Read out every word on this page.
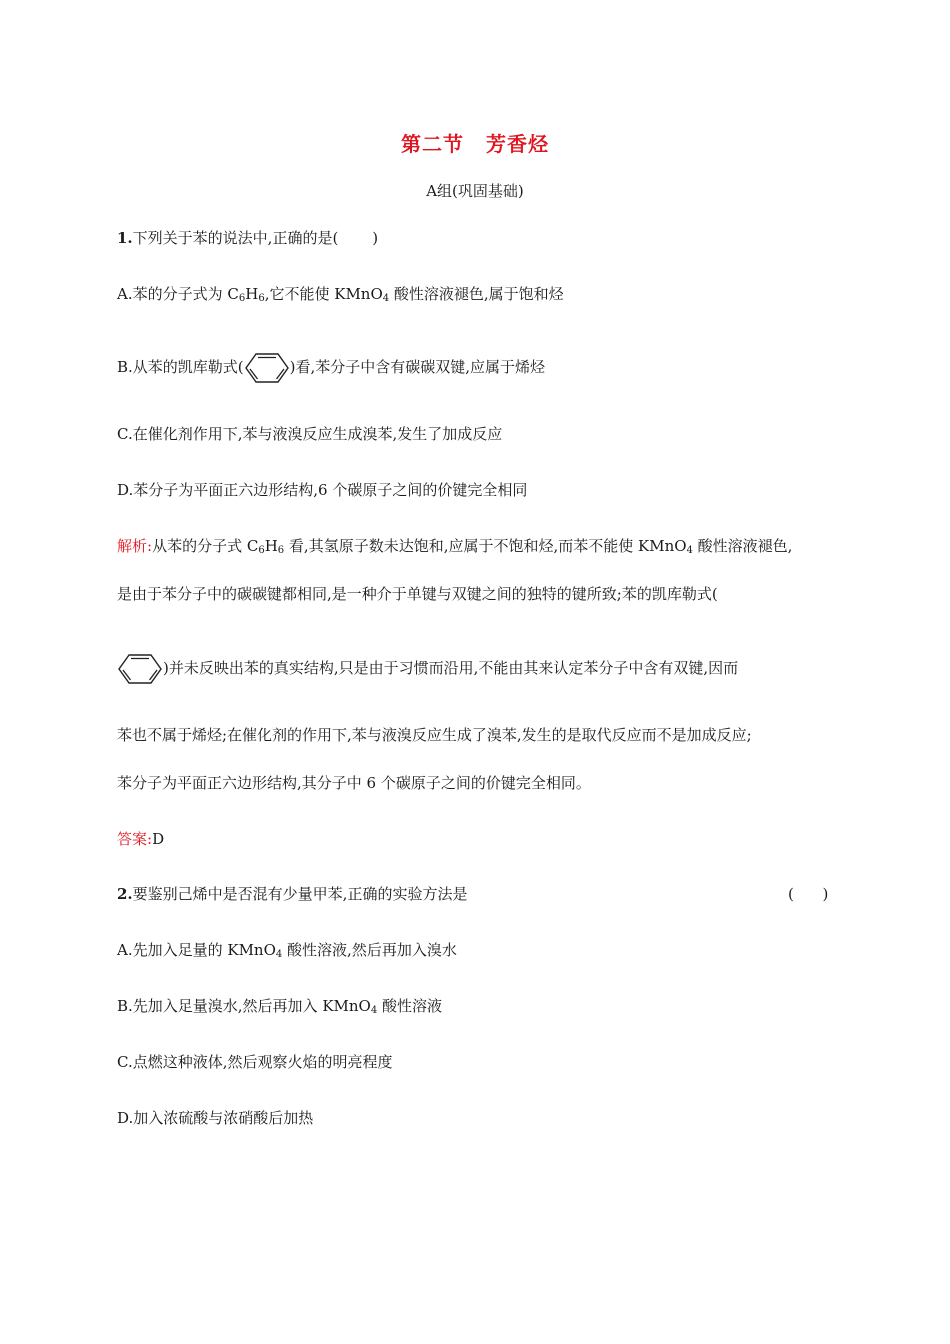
第二节 芳香烃
A组(巩固基础)
1.下列关于苯的说法中,正确的是( )
A.苯的分子式为 $C_6H_6$,它不能使 KMnO$_4$ 酸性溶液褪色,属于饱和烃
B.从苯的凯库勒式(	)看,苯分子中含有碳碳双键,应属于烯烃
C.在催化剂作用下,苯与液溴反应生成溴苯,发生了加成反应
D.苯分子为平面正六边形结构,6 个碳原子之间的价键完全相同
解析:从苯的分子式 $C_6H_6$ 看,其氢原子数未达饱和,应属于不饱和烃,而苯不能使 KMnO$_4$ 酸性溶液褪色,
是由于苯分子中的碳碳键都相同,是一种介于单键与双键之间的独特的键所致;苯的凯库勒式(
)并未反映出苯的真实结构,只是由于习惯而沿用,不能由其来认定苯分子中含有双键,因而
苯也不属于烯烃;在催化剂的作用下,苯与液溴反应生成了溴苯,发生的是取代反应而不是加成反应;
苯分子为平面正六边形结构,其分子中 6 个碳原子之间的价键完全相同。
答案:D
2.要鉴别己烯中是否混有少量甲苯,正确的实验方法是	(      )
A.先加入足量的 KMnO$_4$ 酸性溶液,然后再加入溴水
B.先加入足量溴水,然后再加入 KMnO$_4$ 酸性溶液
C.点燃这种液体,然后观察火焰的明亮程度
D.加入浓硫酸与浓硝酸后加热
